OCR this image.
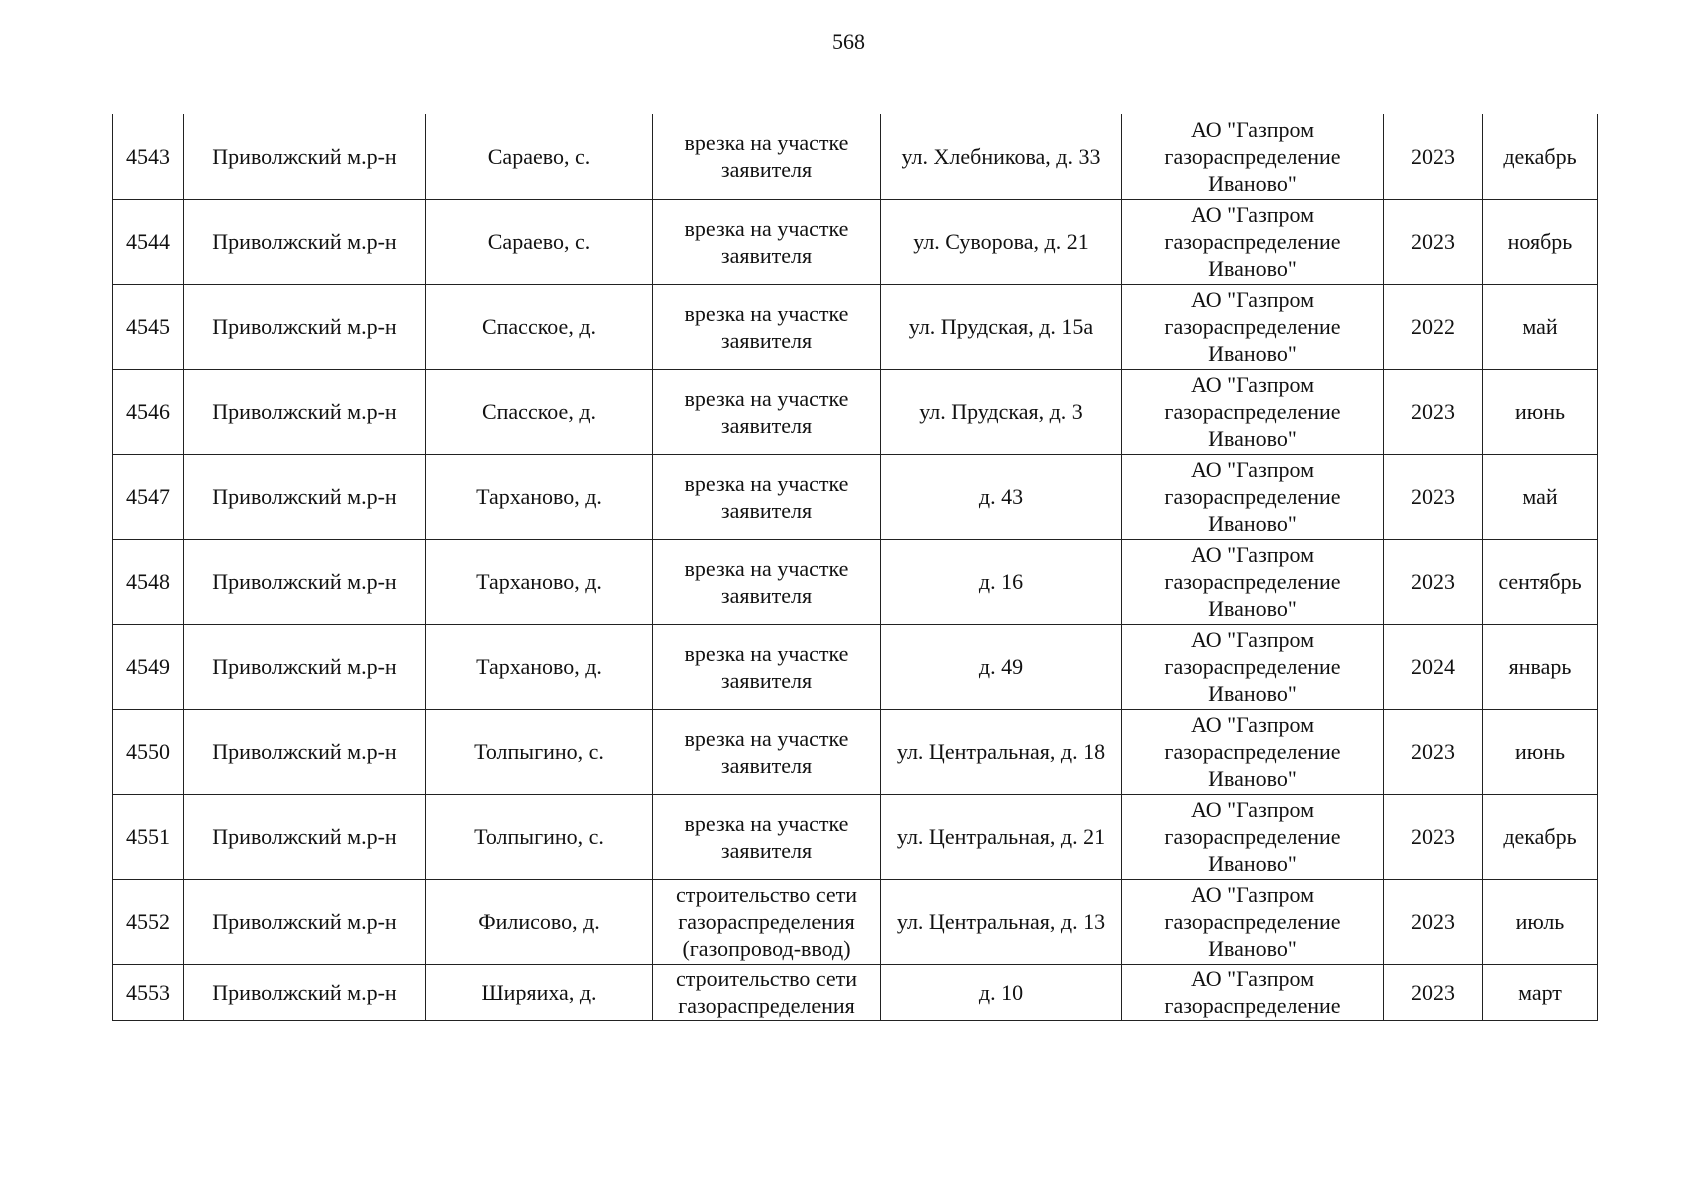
568
4543	Приволжский м.р-н	Сараево, с.	врезка на участке заявителя	ул. Хлебникова, д. 33	АО "Газпром газораспределение Иваново"	2023	декабрь

4544	Приволжский м.р-н	Сараево, с.	врезка на участке заявителя	ул. Суворова, д. 21	АО "Газпром газораспределение Иваново"	2023	ноябрь

4545	Приволжский м.р-н	Спасское, д.	врезка на участке заявителя	ул. Прудская, д. 15а	АО "Газпром газораспределение Иваново"	2022	май

4546	Приволжский м.р-н	Спасское, д.	врезка на участке заявителя	ул. Прудская, д. 3	АО "Газпром газораспределение Иваново"	2023	июнь

4547	Приволжский м.р-н	Тарханово, д.	врезка на участке заявителя	д. 43	АО "Газпром газораспределение Иваново"	2023	май

4548	Приволжский м.р-н	Тарханово, д.	врезка на участке заявителя	д. 16	АО "Газпром газораспределение Иваново"	2023	сентябрь

4549	Приволжский м.р-н	Тарханово, д.	врезка на участке заявителя	д. 49	АО "Газпром газораспределение Иваново"	2024	январь

4550	Приволжский м.р-н	Толпыгино, с.	врезка на участке заявителя	ул. Центральная, д. 18	АО "Газпром газораспределение Иваново"	2023	июнь

4551	Приволжский м.р-н	Толпыгино, с.	врезка на участке заявителя	ул. Центральная, д. 21	АО "Газпром газораспределение Иваново"	2023	декабрь

4552	Приволжский м.р-н	Филисово, д.	строительство сети газораспределения (газопровод-ввод)	ул. Центральная, д. 13	АО "Газпром газораспределение Иваново"	2023	июль

4553	Приволжский м.р-н	Ширяиха, д.	строительство сети газораспределения	д. 10	АО "Газпром газораспределение	2023	март
